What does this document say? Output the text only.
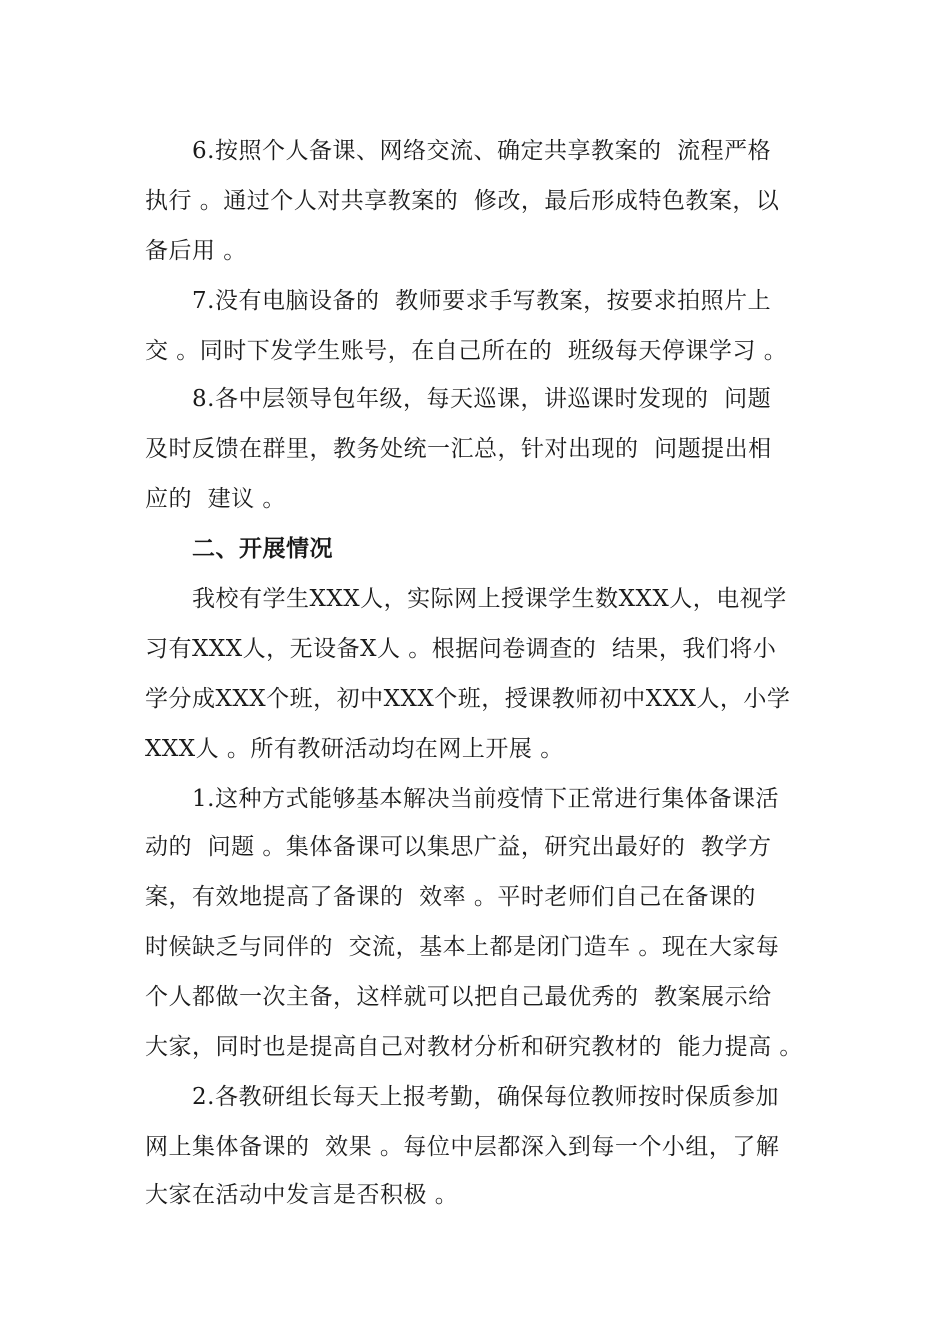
6.按照个人备课、网络交流、确定共享教案的  流程严格
执行 。通过个人对共享教案的  修改，最后形成特色教案，以
备后用 。
7.没有电脑设备的  教师要求手写教案，按要求拍照片上
交 。同时下发学生账号，在自己所在的  班级每天停课学习 。
8.各中层领导包年级，每天巡课，讲巡课时发现的  问题
及时反馈在群里，教务处统一汇总，针对出现的  问题提出相
应的  建议 。
二、开展情况
我校有学生XXX人，实际网上授课学生数XXX人，电视学
习有XXX人，无设备X人 。根据问卷调查的  结果，我们将小
学分成XXX个班，初中XXX个班，授课教师初中XXX人，小学
XXX人 。所有教研活动均在网上开展 。
1.这种方式能够基本解决当前疫情下正常进行集体备课活
动的  问题 。集体备课可以集思广益，研究出最好的  教学方
案，有效地提高了备课的  效率 。平时老师们自己在备课的
时候缺乏与同伴的  交流，基本上都是闭门造车 。现在大家每
个人都做一次主备，这样就可以把自己最优秀的  教案展示给
大家，同时也是提高自己对教材分析和研究教材的  能力提高 。
2.各教研组长每天上报考勤，确保每位教师按时保质参加
网上集体备课的  效果 。每位中层都深入到每一个小组，了解
大家在活动中发言是否积极 。
